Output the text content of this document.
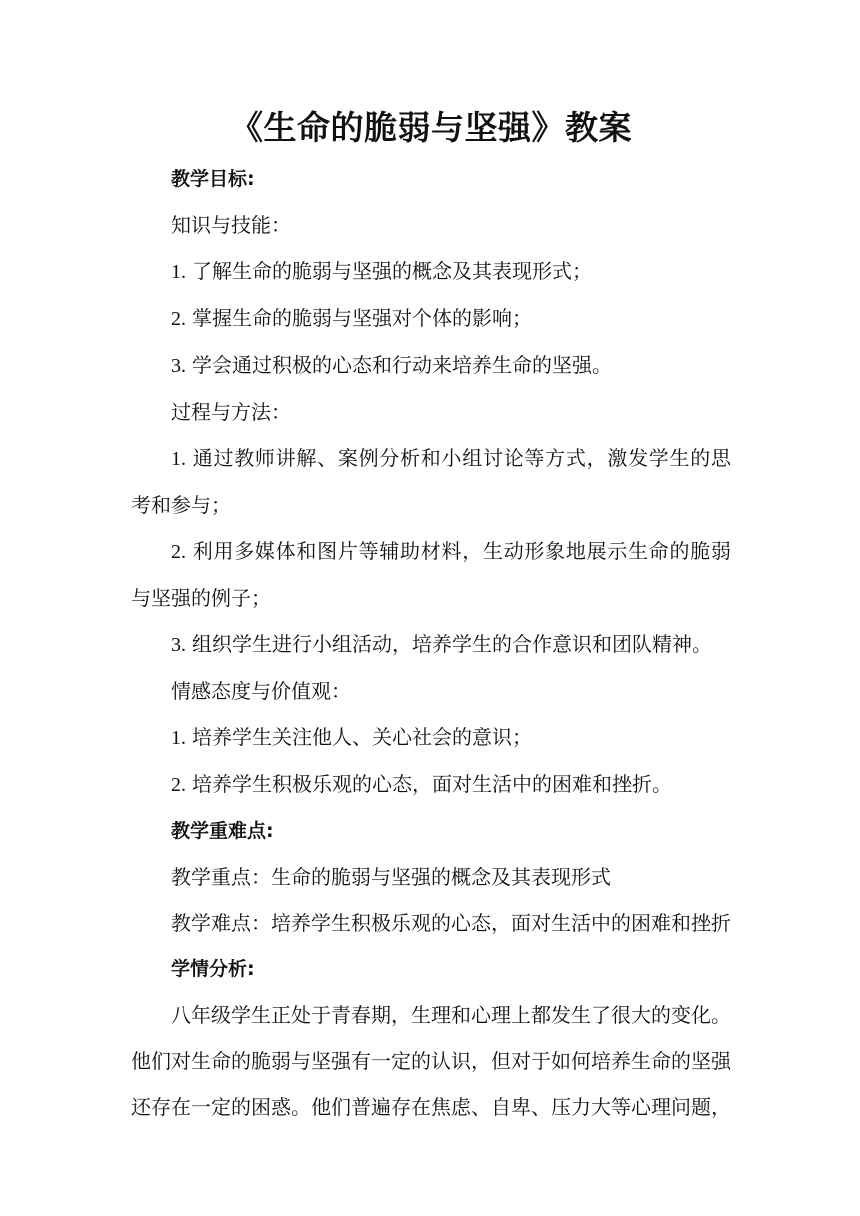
《生命的脆弱与坚强》教案

教学目标:

知识与技能：

1. 了解生命的脆弱与坚强的概念及其表现形式；

2. 掌握生命的脆弱与坚强对个体的影响；

3. 学会通过积极的心态和行动来培养生命的坚强。

过程与方法：

1. 通过教师讲解、案例分析和小组讨论等方式，激发学生的思考和参与；

2. 利用多媒体和图片等辅助材料，生动形象地展示生命的脆弱与坚强的例子；

3. 组织学生进行小组活动，培养学生的合作意识和团队精神。

情感态度与价值观：

1. 培养学生关注他人、关心社会的意识；

2. 培养学生积极乐观的心态，面对生活中的困难和挫折。

教学重难点:

教学重点：生命的脆弱与坚强的概念及其表现形式

教学难点：培养学生积极乐观的心态，面对生活中的困难和挫折

学情分析:

八年级学生正处于青春期，生理和心理上都发生了很大的变化。他们对生命的脆弱与坚强有一定的认识，但对于如何培养生命的坚强还存在一定的困惑。他们普遍存在焦虑、自卑、压力大等心理问题，
